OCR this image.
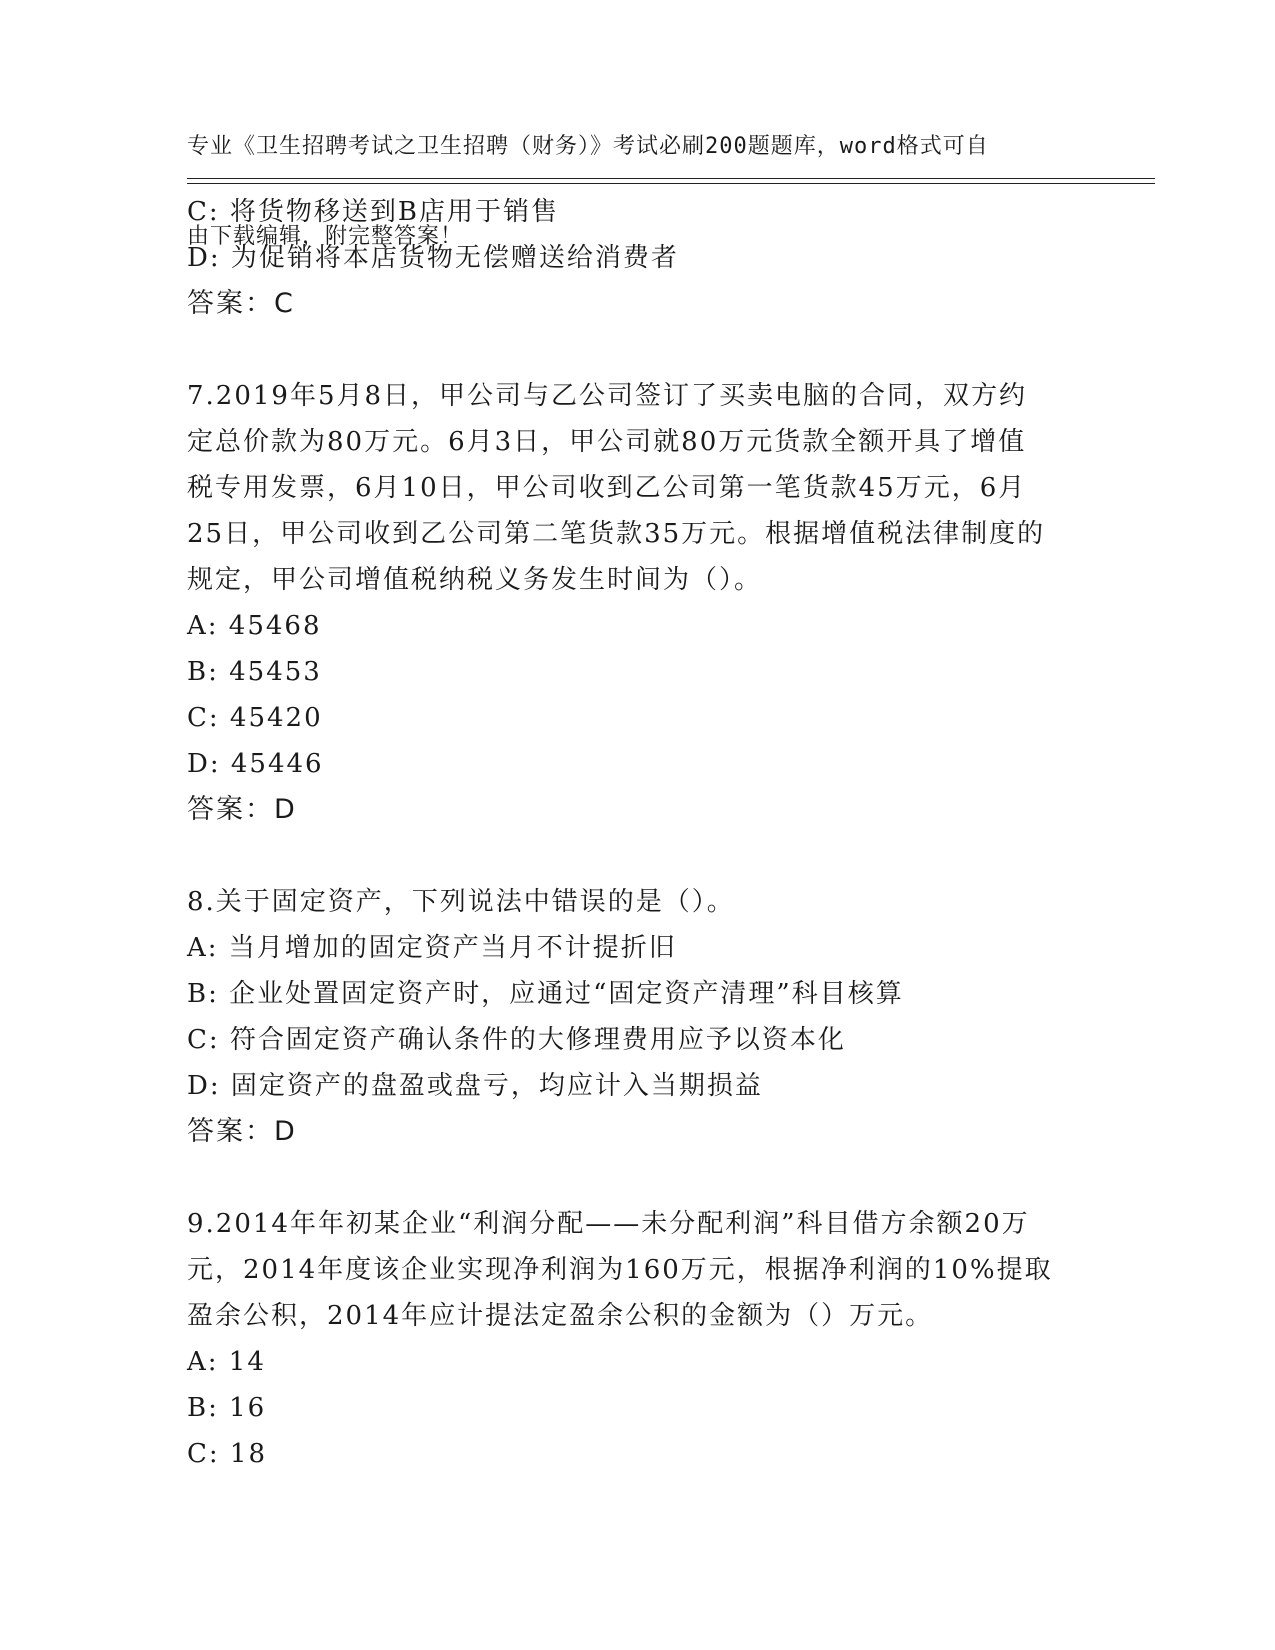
专业《卫生招聘考试之卫生招聘（财务）》考试必刷200题题库，word格式可自

由下载编辑，附完整答案！

C: 将货物移送到B店用于销售
D: 为促销将本店货物无偿赠送给消费者
答案：C
7.2019年5月8日，甲公司与乙公司签订了买卖电脑的合同，双方约
定总价款为80万元。6月3日，甲公司就80万元货款全额开具了增值
税专用发票，6月10日，甲公司收到乙公司第一笔货款45万元，6月
25日，甲公司收到乙公司第二笔货款35万元。根据增值税法律制度的
规定，甲公司增值税纳税义务发生时间为（）。
A: 45468
B: 45453
C: 45420
D: 45446
答案：D
8.关于固定资产，下列说法中错误的是（）。
A: 当月增加的固定资产当月不计提折旧
B: 企业处置固定资产时，应通过“固定资产清理”科目核算
C: 符合固定资产确认条件的大修理费用应予以资本化
D: 固定资产的盘盈或盘亏，均应计入当期损益
答案：D
9.2014年年初某企业“利润分配——未分配利润”科目借方余额20万
元，2014年度该企业实现净利润为160万元，根据净利润的10%提取
盈余公积，2014年应计提法定盈余公积的金额为（）万元。
A: 14
B: 16
C: 18
